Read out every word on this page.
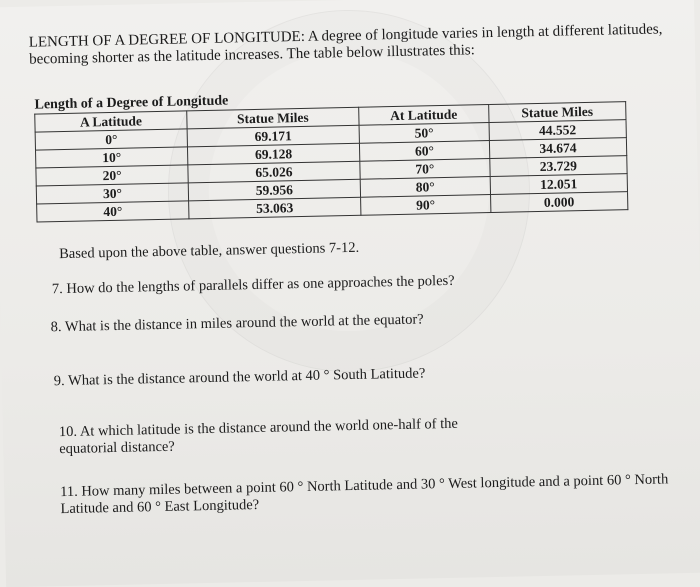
LENGTH OF A DEGREE OF LONGITUDE: A degree of longitude varies in length at different latitudes, becoming shorter as the latitude increases. The table below illustrates this:
Length of a Degree of Longitude			
A Latitude	Statue Miles	At Latitude	Statue Miles
0°	69.171	50°	44.552
10°	69.128	60°	34.674
20°	65.026	70°	23.729
30°	59.956	80°	12.051
40°	53.063	90°	0.000
Based upon the above table, answer questions 7-12.
7. How do the lengths of parallels differ as one approaches the poles?
8. What is the distance in miles around the world at the equator?
9. What is the distance around the world at 40 ° South Latitude?
10. At which latitude is the distance around the world one-half of the equatorial distance?
11. How many miles between a point 60 ° North Latitude and 30 ° West longitude and a point 60 ° North Latitude and 60 ° East Longitude?
